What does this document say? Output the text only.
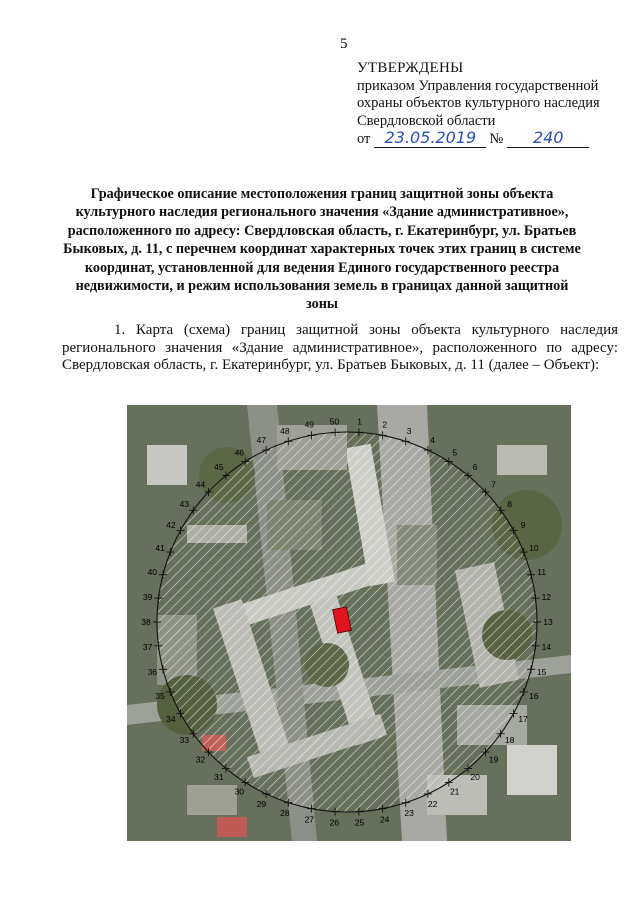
5
УТВЕРЖДЕНЫ
приказом Управления государственной
охраны объектов культурного наследия
Свердловской области
от 23.05.2019 №	240
Графическое описание местоположения границ защитной зоны объекта культурного наследия регионального значения «Здание административное», расположенного по адресу: Свердловская область, г. Екатеринбург, ул. Братьев Быковых, д. 11, с перечнем координат характерных точек этих границ в системе координат, установленной для ведения Единого государственного реестра недвижимости, и режим использования земель в границах данной защитной зоны
1. Карта (схема) границ защитной зоны объекта культурного наследия регионального значения «Здание административное», расположенного по адресу: Свердловская область, г. Екатеринбург, ул. Братьев Быковых, д. 11 (далее – Объект):
1 2
3
4
5
6
7
8
9
10
11
12
13
14
15
16
17
18
19
20
21
22
23
24
25
26
27
28
29
30
31
32
33
34
35
36
37
38
39
40
41
42
43
44
45
46
47
48
49 50
